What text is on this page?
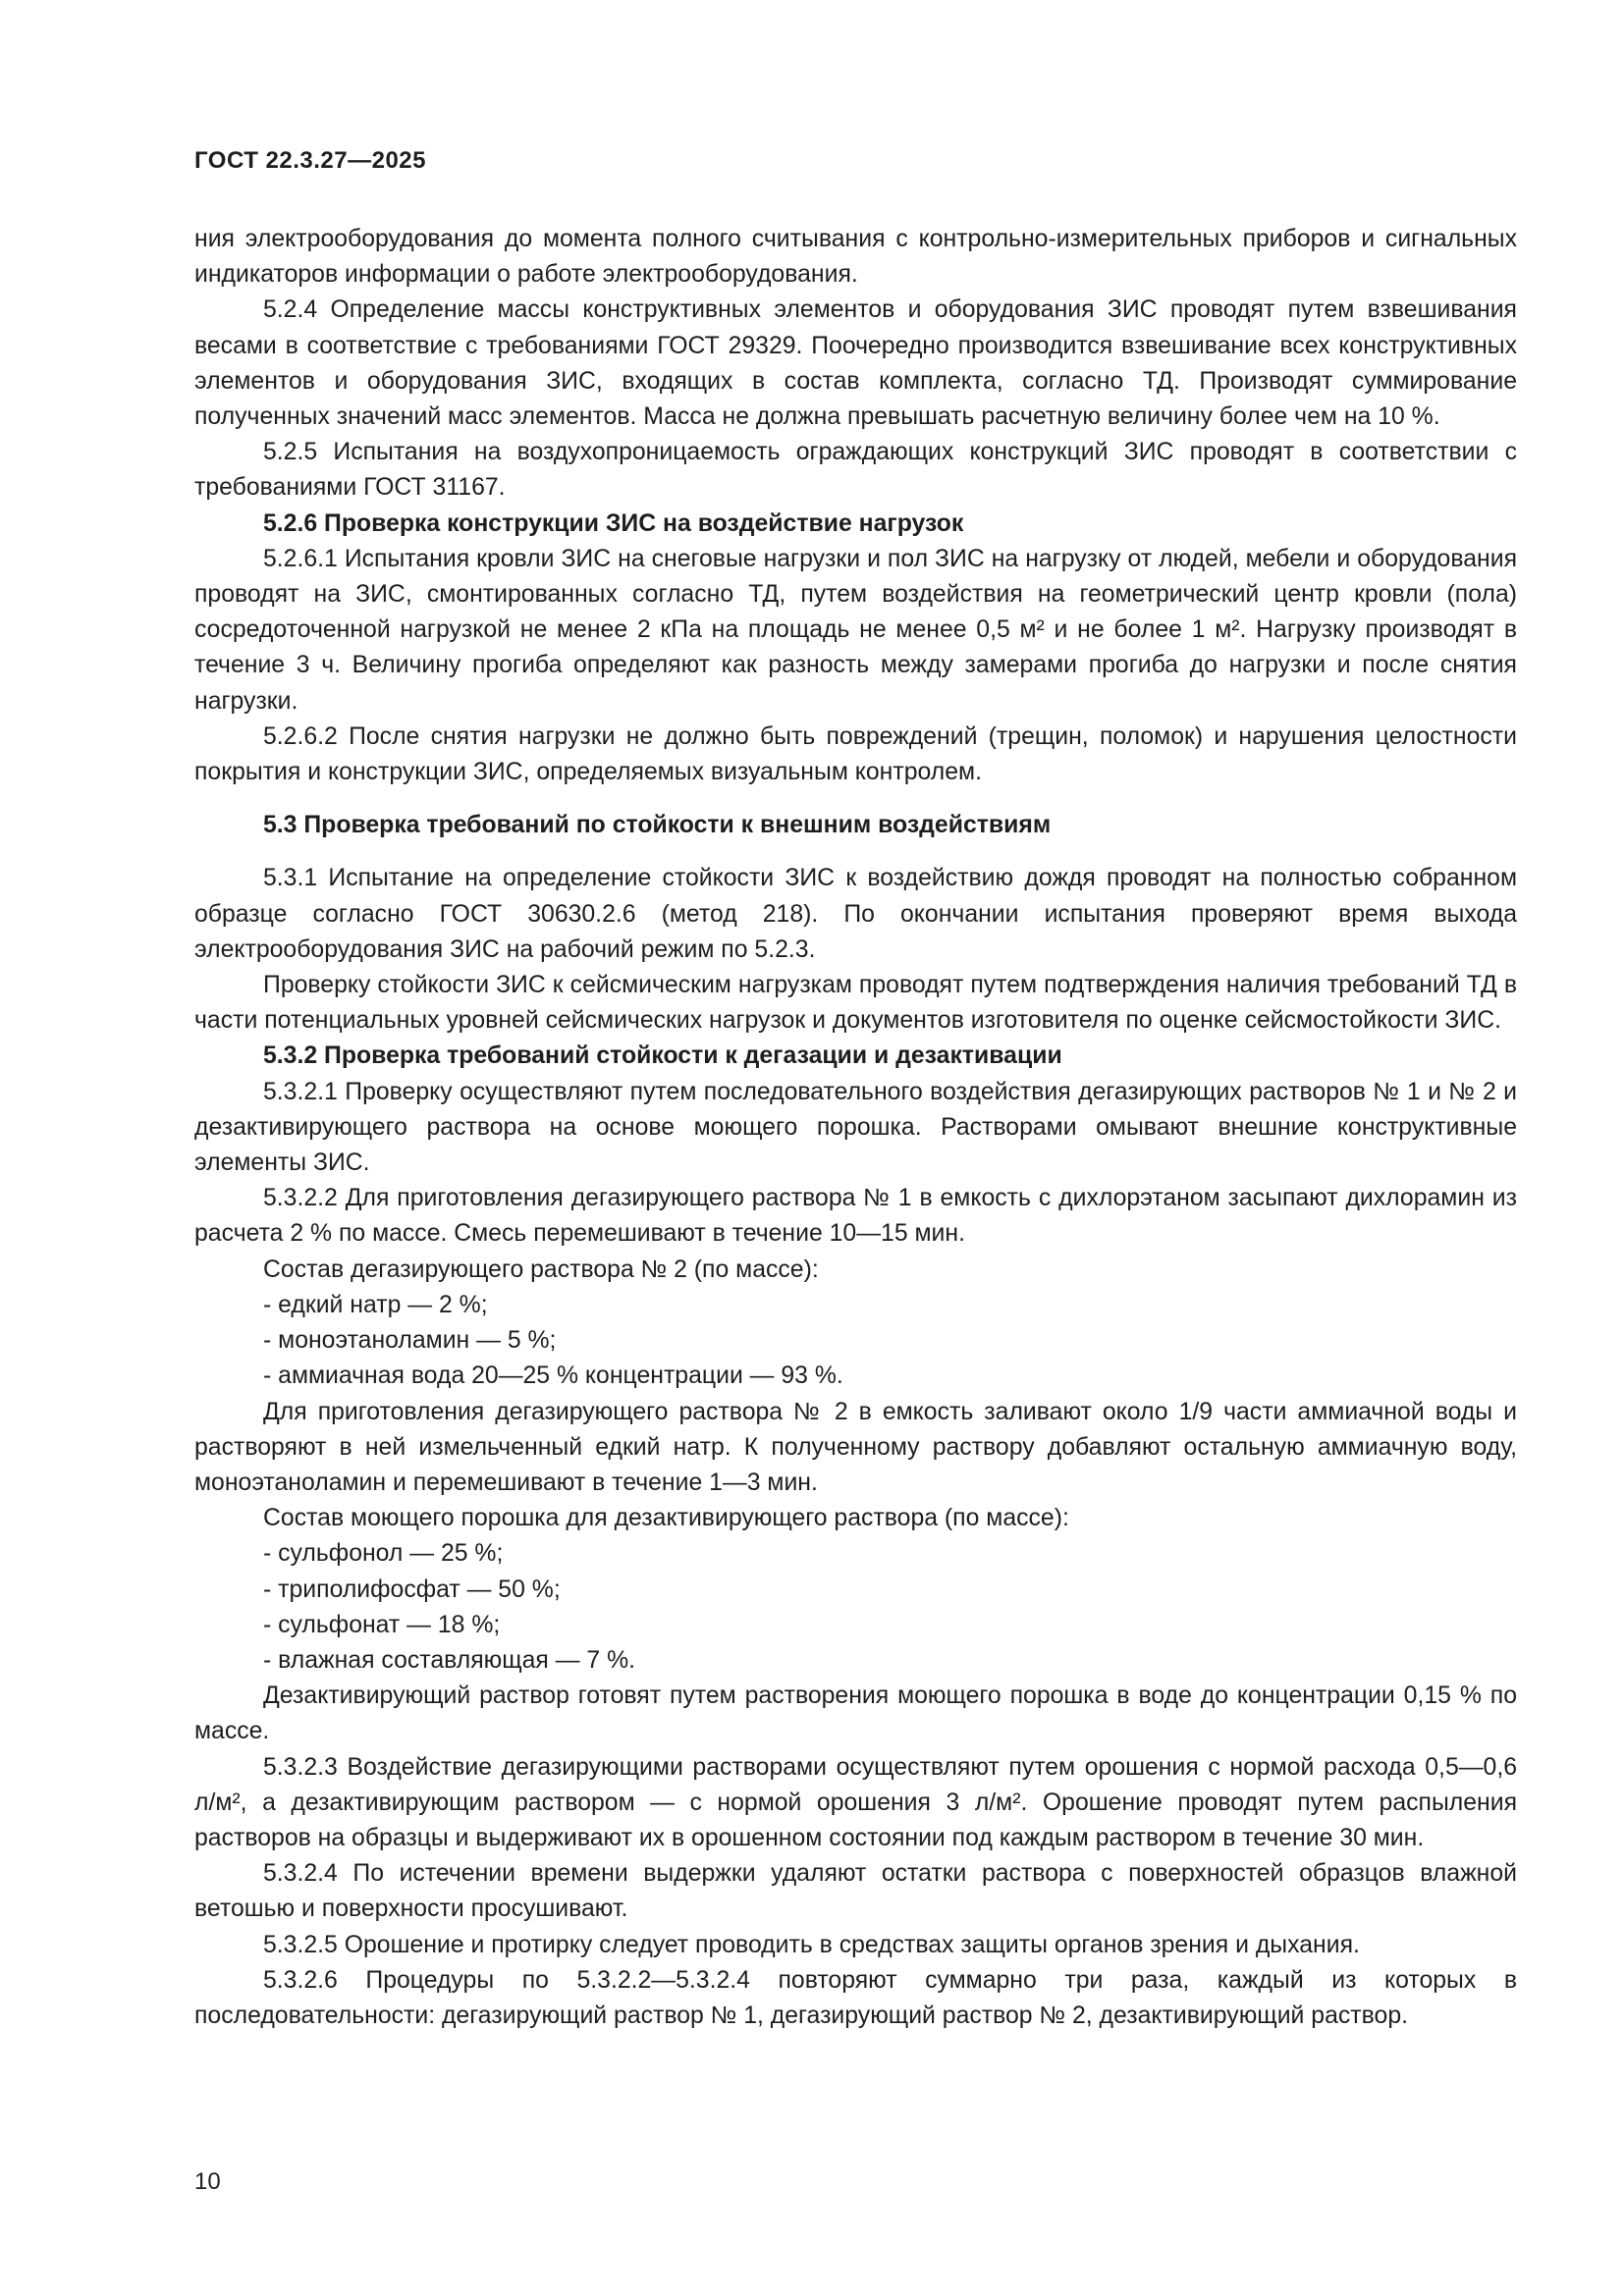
ГОСТ 22.3.27—2025

ния электрооборудования до момента полного считывания с контрольно-измерительных приборов и сигнальных индикаторов информации о работе электрооборудования.

5.2.4 Определение массы конструктивных элементов и оборудования ЗИС проводят путем взвешивания весами в соответствие с требованиями ГОСТ 29329. Поочередно производится взвешивание всех конструктивных элементов и оборудования ЗИС, входящих в состав комплекта, согласно ТД. Производят суммирование полученных значений масс элементов. Масса не должна превышать расчетную величину более чем на 10 %.

5.2.5 Испытания на воздухопроницаемость ограждающих конструкций ЗИС проводят в соответствии с требованиями ГОСТ 31167.

5.2.6 Проверка конструкции ЗИС на воздействие нагрузок

5.2.6.1 Испытания кровли ЗИС на снеговые нагрузки и пол ЗИС на нагрузку от людей, мебели и оборудования проводят на ЗИС, смонтированных согласно ТД, путем воздействия на геометрический центр кровли (пола) сосредоточенной нагрузкой не менее 2 кПа на площадь не менее 0,5 м² и не более 1 м². Нагрузку производят в течение 3 ч. Величину прогиба определяют как разность между замерами прогиба до нагрузки и после снятия нагрузки.

5.2.6.2 После снятия нагрузки не должно быть повреждений (трещин, поломок) и нарушения целостности покрытия и конструкции ЗИС, определяемых визуальным контролем.

5.3 Проверка требований по стойкости к внешним воздействиям

5.3.1 Испытание на определение стойкости ЗИС к воздействию дождя проводят на полностью собранном образце согласно ГОСТ 30630.2.6 (метод 218). По окончании испытания проверяют время выхода электрооборудования ЗИС на рабочий режим по 5.2.3.

Проверку стойкости ЗИС к сейсмическим нагрузкам проводят путем подтверждения наличия требований ТД в части потенциальных уровней сейсмических нагрузок и документов изготовителя по оценке сейсмостойкости ЗИС.

5.3.2 Проверка требований стойкости к дегазации и дезактивации

5.3.2.1 Проверку осуществляют путем последовательного воздействия дегазирующих растворов № 1 и № 2 и дезактивирующего раствора на основе моющего порошка. Растворами омывают внешние конструктивные элементы ЗИС.

5.3.2.2 Для приготовления дегазирующего раствора № 1 в емкость с дихлорэтаном засыпают дихлорамин из расчета 2 % по массе. Смесь перемешивают в течение 10—15 мин.

Состав дегазирующего раствора № 2 (по массе):

- едкий натр — 2 %;

- моноэтаноламин — 5 %;

- аммиачная вода 20—25 % концентрации — 93 %.

Для приготовления дегазирующего раствора № 2 в емкость заливают около 1/9 части аммиачной воды и растворяют в ней измельченный едкий натр. К полученному раствору добавляют остальную аммиачную воду, моноэтаноламин и перемешивают в течение 1—3 мин.

Состав моющего порошка для дезактивирующего раствора (по массе):

- сульфонол — 25 %;

- триполифосфат — 50 %;

- сульфонат — 18 %;

- влажная составляющая — 7 %.

Дезактивирующий раствор готовят путем растворения моющего порошка в воде до концентрации 0,15 % по массе.

5.3.2.3 Воздействие дегазирующими растворами осуществляют путем орошения с нормой расхода 0,5—0,6 л/м², а дезактивирующим раствором — с нормой орошения 3 л/м². Орошение проводят путем распыления растворов на образцы и выдерживают их в орошенном состоянии под каждым раствором в течение 30 мин.

5.3.2.4 По истечении времени выдержки удаляют остатки раствора с поверхностей образцов влажной ветошью и поверхности просушивают.

5.3.2.5 Орошение и протирку следует проводить в средствах защиты органов зрения и дыхания.

5.3.2.6 Процедуры по 5.3.2.2—5.3.2.4 повторяют суммарно три раза, каждый из которых в последовательности: дегазирующий раствор № 1, дегазирующий раствор № 2, дезактивирующий раствор.

10
